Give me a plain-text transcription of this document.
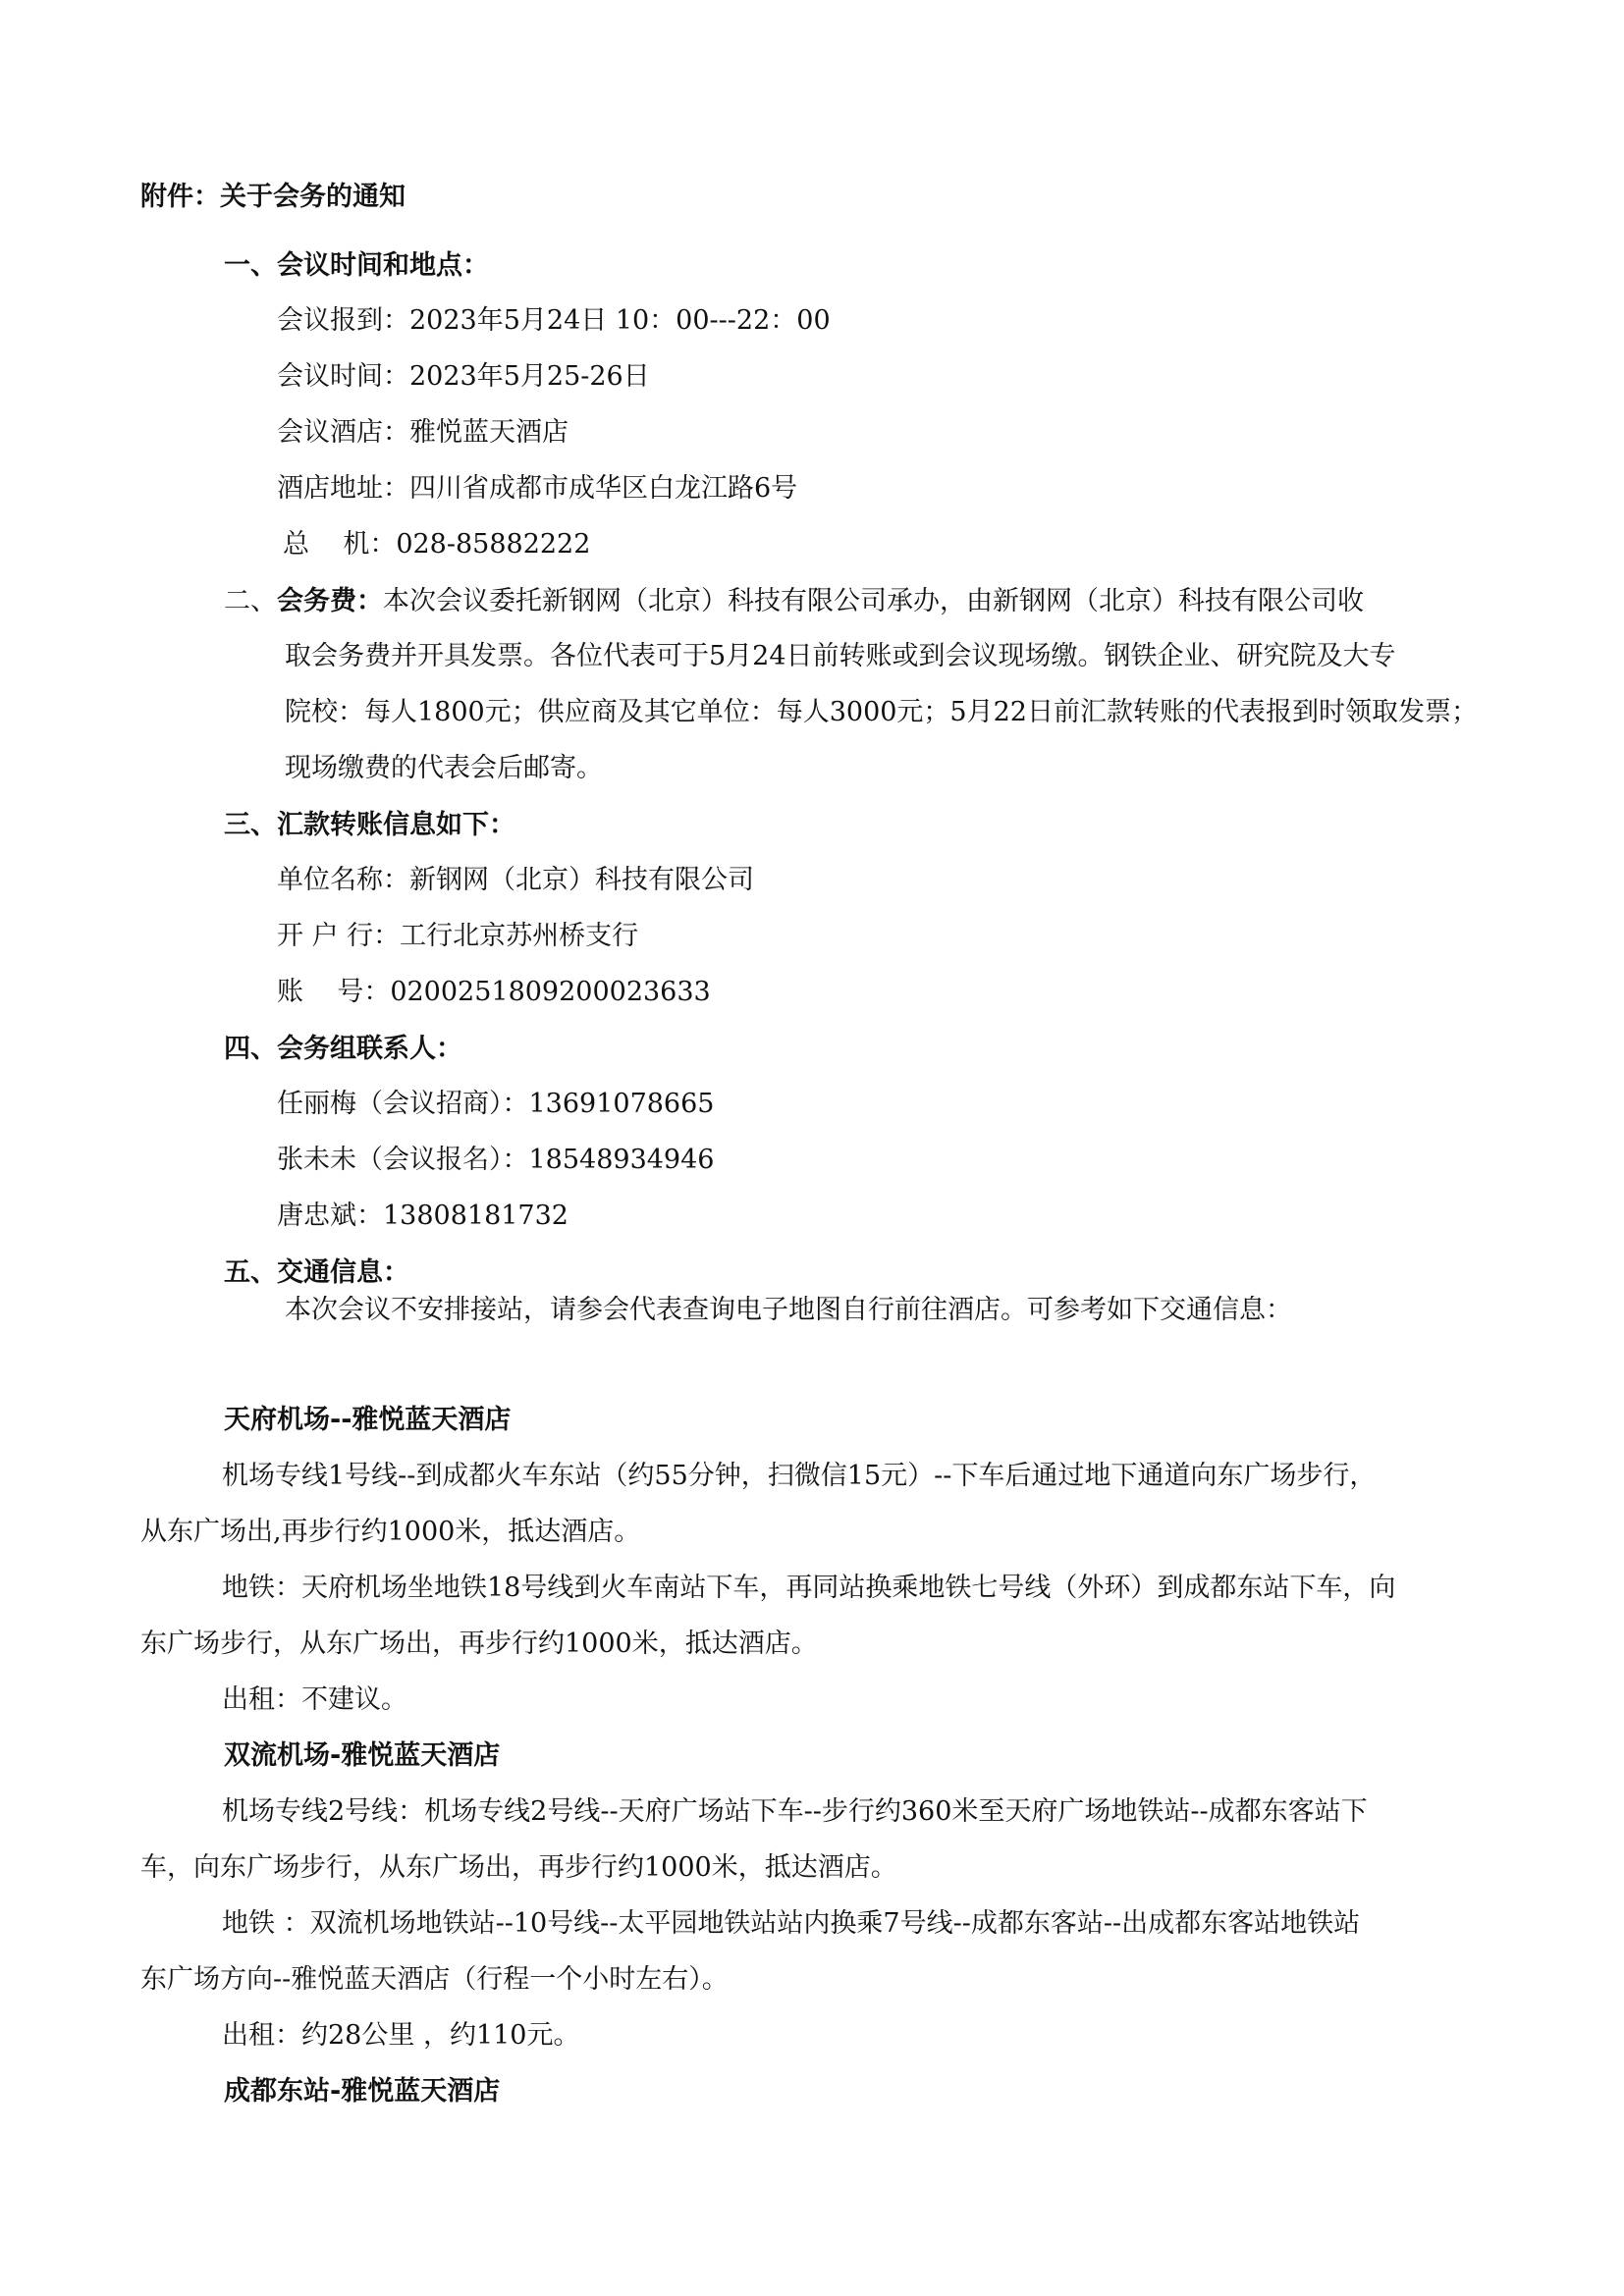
附件：关于会务的通知
一、会议时间和地点：
会议报到：2023年5月24日 10：00---22：00
会议时间：2023年5月25-26日
会议酒店：雅悦蓝天酒店
酒店地址：四川省成都市成华区白龙江路6号
总    机：028-85882222
二、会务费：本次会议委托新钢网（北京）科技有限公司承办，由新钢网（北京）科技有限公司收
取会务费并开具发票。各位代表可于5月24日前转账或到会议现场缴。钢铁企业、研究院及大专
院校：每人1800元；供应商及其它单位：每人3000元；5月22日前汇款转账的代表报到时领取发票；
现场缴费的代表会后邮寄。
三、汇款转账信息如下：
单位名称：新钢网（北京）科技有限公司
开 户 行：工行北京苏州桥支行
账    号：0200251809200023633
四、会务组联系人：
任丽梅（会议招商）：13691078665
张未未（会议报名）：18548934946
唐忠斌：13808181732
五、交通信息：
本次会议不安排接站，请参会代表查询电子地图自行前往酒店。可参考如下交通信息：
天府机场--雅悦蓝天酒店
机场专线1号线--到成都火车东站（约55分钟，扫微信15元）--下车后通过地下通道向东广场步行，
从东广场出,再步行约1000米，抵达酒店。
地铁：天府机场坐地铁18号线到火车南站下车，再同站换乘地铁七号线（外环）到成都东站下车，向
东广场步行，从东广场出，再步行约1000米，抵达酒店。
出租：不建议。
双流机场-雅悦蓝天酒店
机场专线2号线：机场专线2号线--天府广场站下车--步行约360米至天府广场地铁站--成都东客站下
车，向东广场步行，从东广场出，再步行约1000米，抵达酒店。
地铁 ：双流机场地铁站--10号线--太平园地铁站站内换乘7号线--成都东客站--出成都东客站地铁站
东广场方向--雅悦蓝天酒店（行程一个小时左右）。
出租：约28公里 ，约110元。
成都东站-雅悦蓝天酒店
